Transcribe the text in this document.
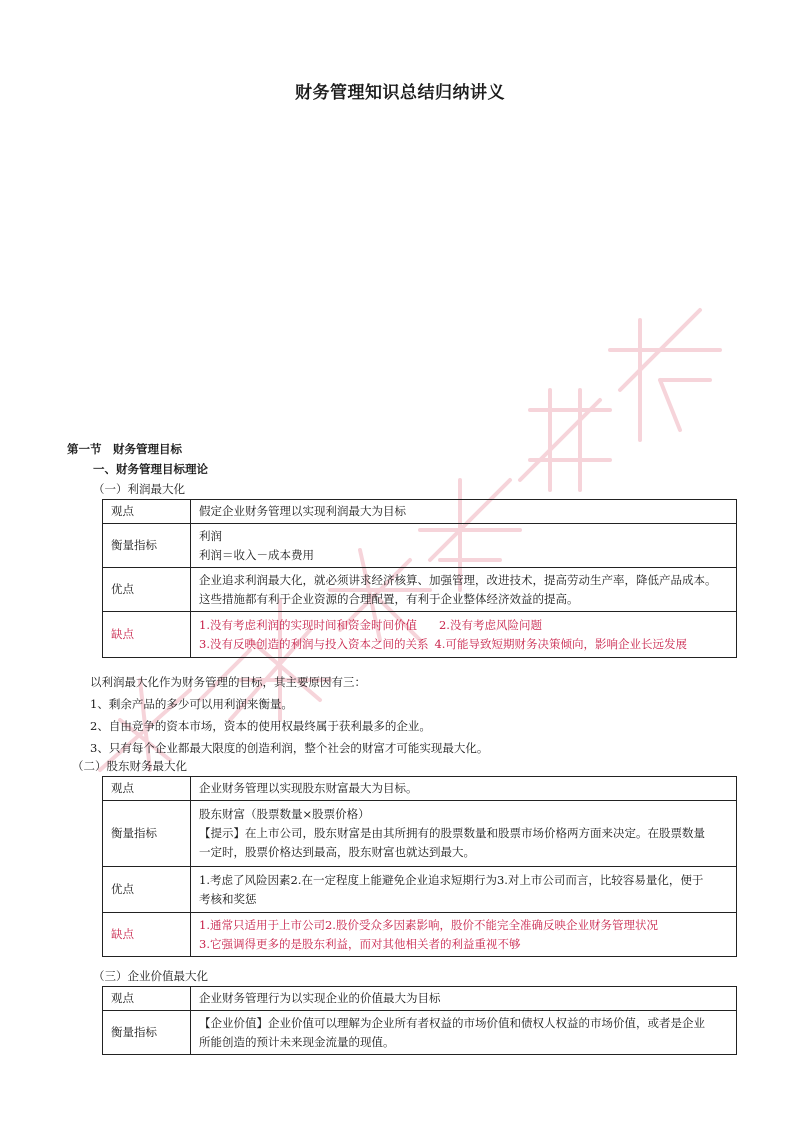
财务管理知识总结归纳讲义
第一节　财务管理目标
一、财务管理目标理论
（一）利润最大化
观点	假定企业财务管理以实现利润最大为目标
衡量指标	利润
利润＝收入－成本费用

优点	企业追求利润最大化，就必须讲求经济核算、加强管理，改进技术，提高劳动生产率，降低产品成本。
这些措施都有利于企业资源的合理配置，有利于企业整体经济效益的提高。

缺点	1.没有考虑利润的实现时间和资金时间价值 2.没有考虑风险问题
3.没有反映创造的利润与投入资本之间的关系 4.可能导致短期财务决策倾向，影响企业长远发展
以利润最大化作为财务管理的目标，其主要原因有三：
1、剩余产品的多少可以用利润来衡量。
2、自由竞争的资本市场，资本的使用权最终属于获利最多的企业。
3、只有每个企业都最大限度的创造利润，整个社会的财富才可能实现最大化。
（二）股东财务最大化
观点	企业财务管理以实现股东财富最大为目标。
衡量指标	股东财富（股票数量×股票价格）
【提示】在上市公司，股东财富是由其所拥有的股票数量和股票市场价格两方面来决定。在股票数量
一定时，股票价格达到最高，股东财富也就达到最大。

优点	1.考虑了风险因素2.在一定程度上能避免企业追求短期行为3.对上市公司而言，比较容易量化，便于
考核和奖惩

缺点	1.通常只适用于上市公司2.股价受众多因素影响，股价不能完全准确反映企业财务管理状况
3.它强调得更多的是股东利益，而对其他相关者的利益重视不够
（三）企业价值最大化
观点	企业财务管理行为以实现企业的价值最大为目标
衡量指标	【企业价值】企业价值可以理解为企业所有者权益的市场价值和债权人权益的市场价值，或者是企业
所能创造的预计未来现金流量的现值。
